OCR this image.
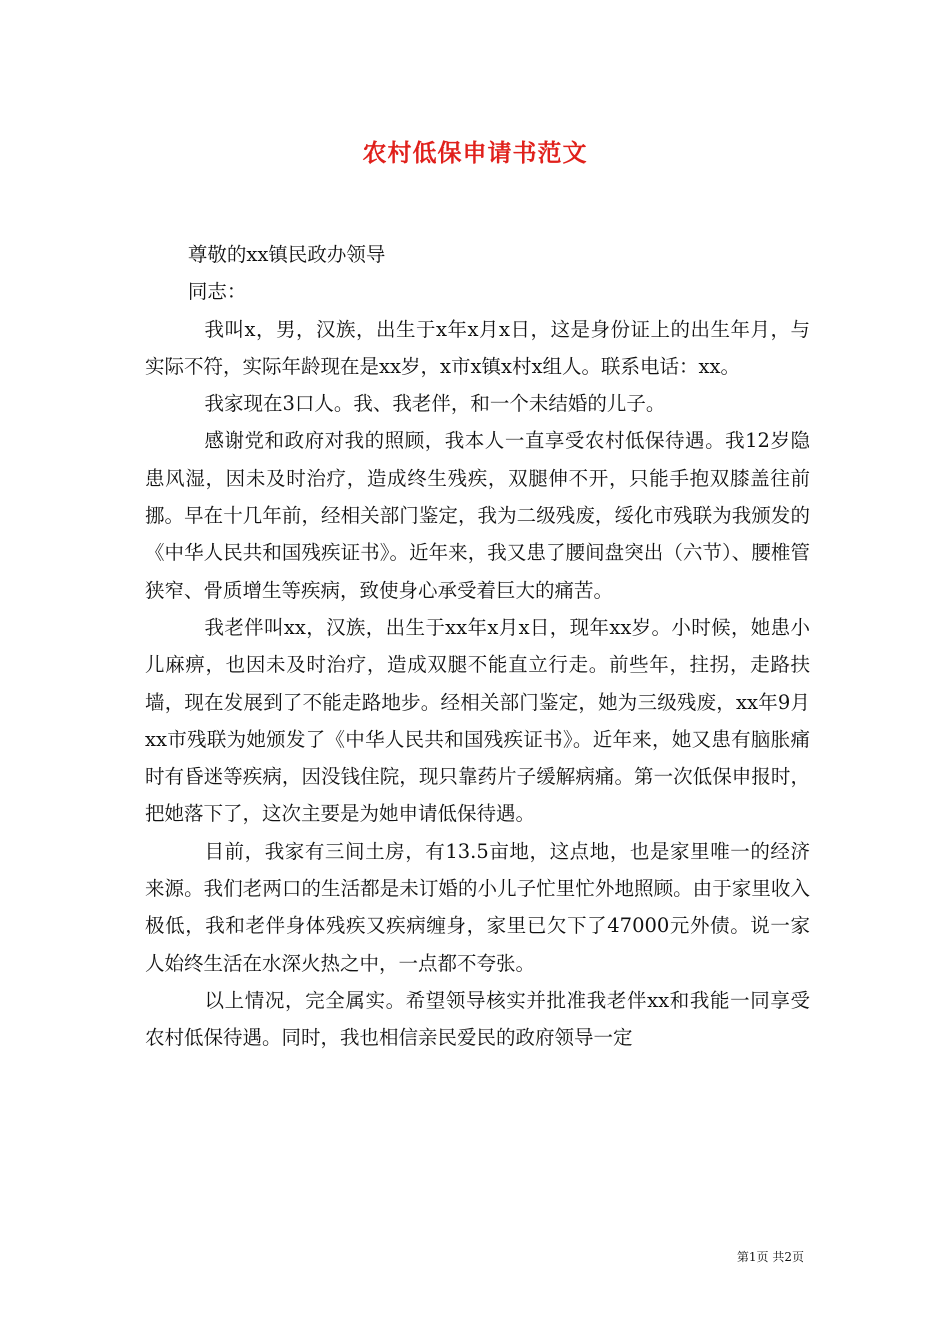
农村低保申请书范文

尊敬的xx镇民政办领导

同志：

我叫x，男，汉族，出生于x年x月x日，这是身份证上的出生年月，与实际不符，实际年龄现在是xx岁，x市x镇x村x组人。联系电话：xx。

我家现在3口人。我、我老伴，和一个未结婚的儿子。

感谢党和政府对我的照顾，我本人一直享受农村低保待遇。我12岁隐患风湿，因未及时治疗，造成终生残疾，双腿伸不开，只能手抱双膝盖往前挪。早在十几年前，经相关部门鉴定，我为二级残废，绥化市残联为我颁发的《中华人民共和国残疾证书》。近年来，我又患了腰间盘突出（六节）、腰椎管狭窄、骨质增生等疾病，致使身心承受着巨大的痛苦。

我老伴叫xx，汉族，出生于xx年x月x日，现年xx岁。小时候，她患小儿麻痹，也因未及时治疗，造成双腿不能直立行走。前些年，拄拐，走路扶墙，现在发展到了不能走路地步。经相关部门鉴定，她为三级残废，xx年9月xx市残联为她颁发了《中华人民共和国残疾证书》。近年来，她又患有脑胀痛时有昏迷等疾病，因没钱住院，现只靠药片子缓解病痛。第一次低保申报时，把她落下了，这次主要是为她申请低保待遇。

目前，我家有三间土房，有13.5亩地，这点地，也是家里唯一的经济来源。我们老两口的生活都是未订婚的小儿子忙里忙外地照顾。由于家里收入极低，我和老伴身体残疾又疾病缠身，家里已欠下了47000元外债。说一家人始终生活在水深火热之中，一点都不夸张。

以上情况，完全属实。希望领导核实并批准我老伴xx和我能一同享受农村低保待遇。同时，我也相信亲民爱民的政府领导一定

第1页 共2页
